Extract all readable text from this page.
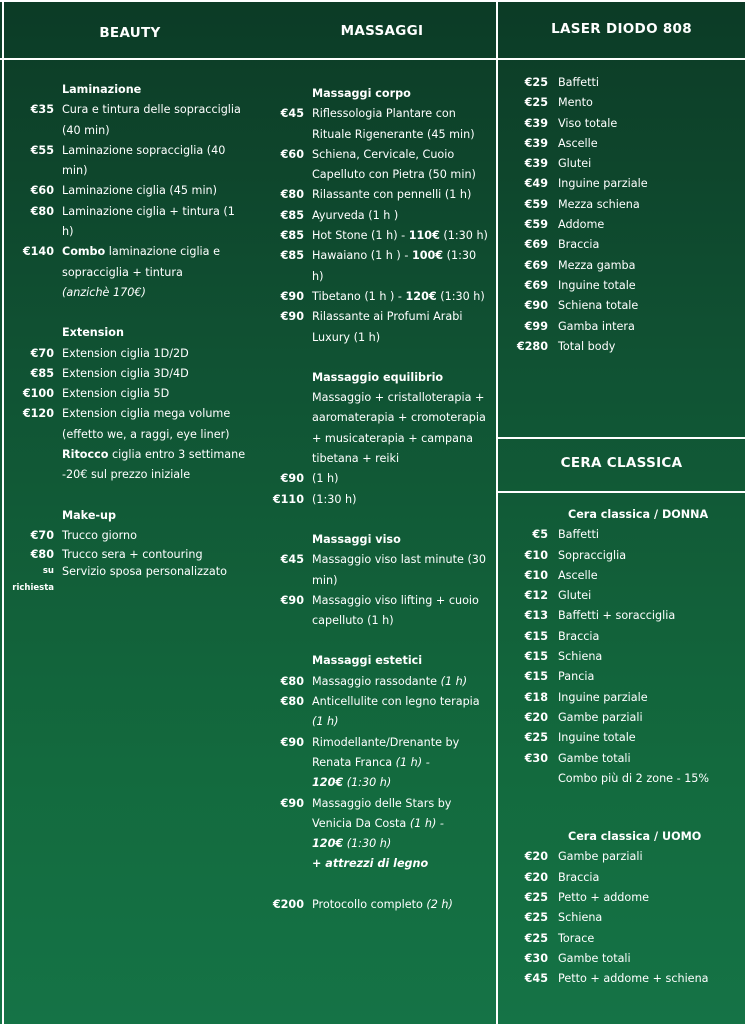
BEAUTY	MASSAGGI	LASER DIODO 808
CERA CLASSICA
Laminazione
€35 Cura e tintura delle sopracciglia (40 min)
€55 Laminazione sopracciglia (40 min)
€60 Laminazione ciglia (45 min)
€80 Laminazione ciglia + tintura (1 h)
€140 Combo laminazione ciglia e sopracciglia + tintura
(anzichè 170€)
Extension
€70 Extension ciglia 1D/2D
€85 Extension ciglia 3D/4D
€100 Extension ciglia 5D
€120 Extension ciglia mega volume (effetto we, a raggi, eye liner)
Ritocco ciglia entro 3 settimane -20€ sul prezzo iniziale
Make-up
€70 Trucco giorno
€80 Trucco sera + contouring
su richiesta
Servizio sposa personalizzato
Massaggi corpo
€45 Riflessologia Plantare con Rituale Rigenerante (45 min)
€60 Schiena, Cervicale, Cuoio Capelluto con Pietra (50 min)
€80 Rilassante con pennelli (1 h)
€85 Ayurveda (1 h )
€85 Hot Stone (1 h) - 110€ (1:30 h)
€85 Hawaiano (1 h ) - 100€ (1:30 h)
€90 Tibetano (1 h ) - 120€ (1:30 h)
€90 Rilassante ai Profumi Arabi Luxury (1 h)
Massaggio equilibrio
Massaggio + cristalloterapia + aaromaterapia + cromoterapia + musicaterapia + campana tibetana + reiki
€90 (1 h)
€110 (1:30 h)
Massaggi viso
€45 Massaggio viso last minute (30 min)
€90 Massaggio viso lifting + cuoio capelluto (1 h)
Massaggi estetici
€80 Massaggio rassodante (1 h)
€80 Anticellulite con legno terapia (1 h)
€90 Rimodellante/Drenante by Renata Franca (1 h) -
120€ (1:30 h)
€90 Massaggio delle Stars by Venicia Da Costa (1 h) -
120€ (1:30 h)
+ attrezzi di legno
€200 Protocollo completo (2 h)
€25 Baffetti
€25 Mento
€39 Viso totale
€39 Ascelle
€39 Glutei
€49 Inguine parziale
€59 Mezza schiena
€59 Addome
€69 Braccia
€69 Mezza gamba
€69 Inguine totale
€90 Schiena totale
€99 Gamba intera
€280 Total body
Cera classica / DONNA
€5 Baffetti
€10 Sopracciglia
€10 Ascelle
€12 Glutei
€13 Baffetti + soracciglia
€15 Braccia
€15 Schiena
€15 Pancia
€18 Inguine parziale
€20 Gambe parziali
€25 Inguine totale
€30 Gambe totali
Combo più di 2 zone - 15%
Cera classica / UOMO
€20 Gambe parziali
€20 Braccia
€25 Petto + addome
€25 Schiena
€25 Torace
€30 Gambe totali
€45 Petto + addome + schiena
